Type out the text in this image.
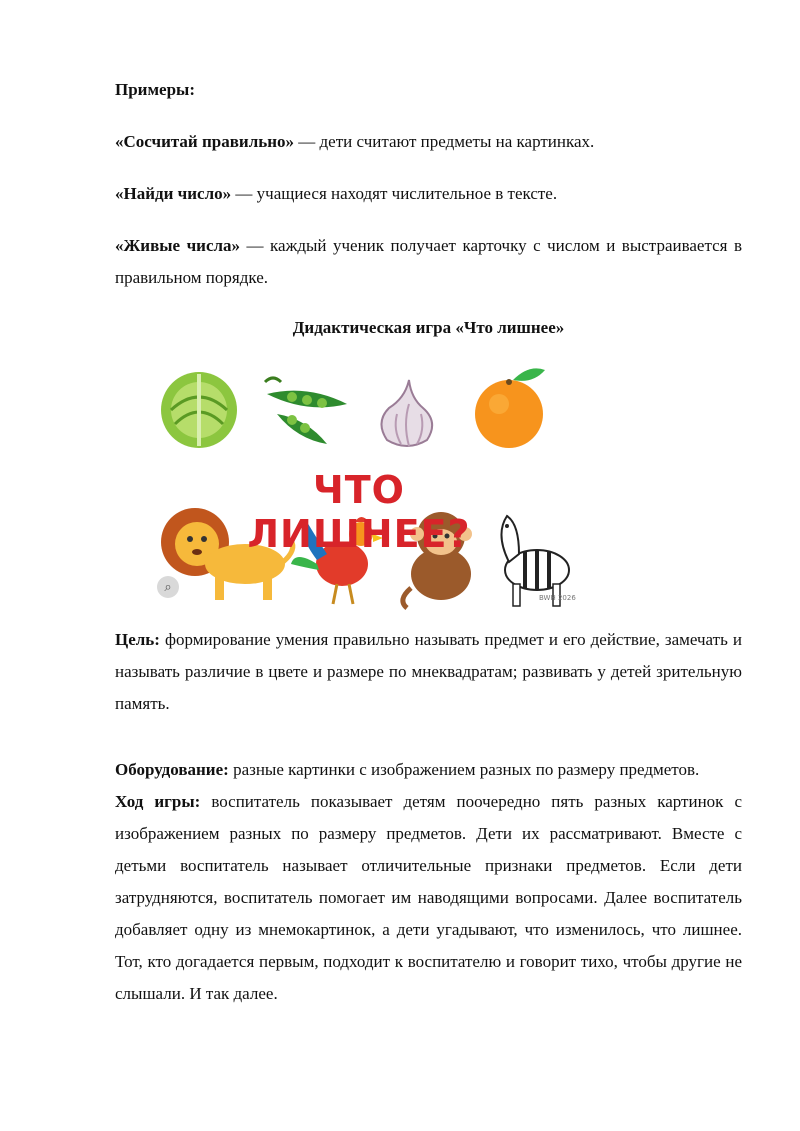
Примеры:

«Сосчитай правильно» — дети считают предметы на картинках.

«Найди число» — учащиеся находят числительное в тексте.

«Живые числа» — каждый ученик получает карточку с числом и выстраивается в правильном порядке.

Дидактическая игра «Что лишнее»
ЧТО ЛИШНЕЕ?
⌕
BWH 2026

Цель: формирование умения правильно называть предмет и его действие, замечать и называть различие в цвете и размере по мнеквадратам; развивать у детей зрительную память.

Оборудование: разные картинки с изображением разных по размеру предметов.

Ход игры: воспитатель показывает детям поочередно пять разных картинок с изображением разных по размеру предметов. Дети их рассматривают. Вместе с детьми воспитатель называет отличительные признаки предметов. Если дети затрудняются, воспитатель помогает им наводящими вопросами. Далее воспитатель добавляет одну из мнемокартинок, а дети угадывают, что изменилось, что лишнее. Тот, кто догадается первым, подходит к воспитателю и говорит тихо, чтобы другие не слышали. И так далее.
